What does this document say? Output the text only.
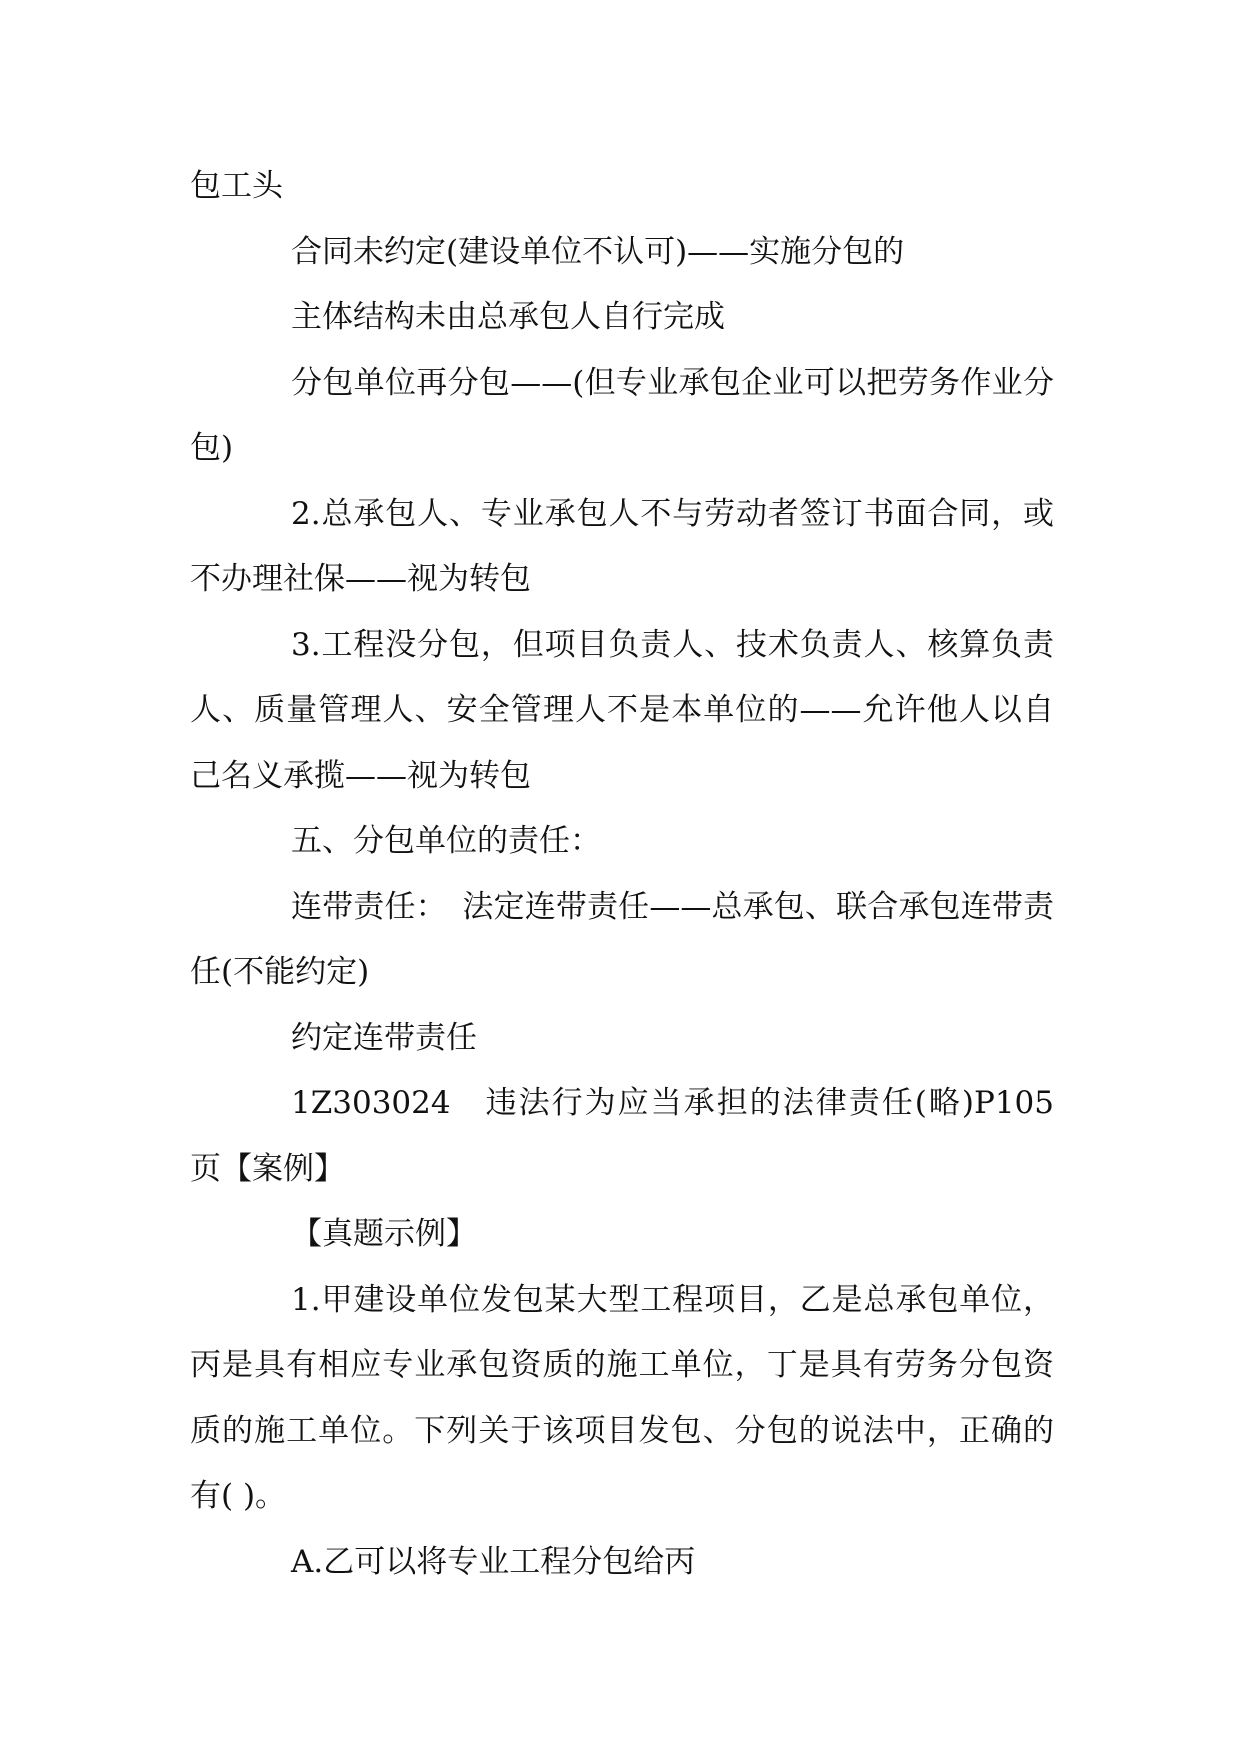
包工头

合同未约定(建设单位不认可)——实施分包的

主体结构未由总承包人自行完成

分包单位再分包——(但专业承包企业可以把劳务作业分包)

2.总承包人、专业承包人不与劳动者签订书面合同，或不办理社保——视为转包

3.工程没分包，但项目负责人、技术负责人、核算负责人、质量管理人、安全管理人不是本单位的——允许他人以自己名义承揽——视为转包

五、分包单位的责任：

连带责任：　法定连带责任——总承包、联合承包连带责任(不能约定)

约定连带责任

1Z303024　违法行为应当承担的法律责任(略)P105 页【案例】

【真题示例】

1.甲建设单位发包某大型工程项目，乙是总承包单位，丙是具有相应专业承包资质的施工单位，丁是具有劳务分包资质的施工单位。下列关于该项目发包、分包的说法中，正确的有( )。

A.乙可以将专业工程分包给丙
